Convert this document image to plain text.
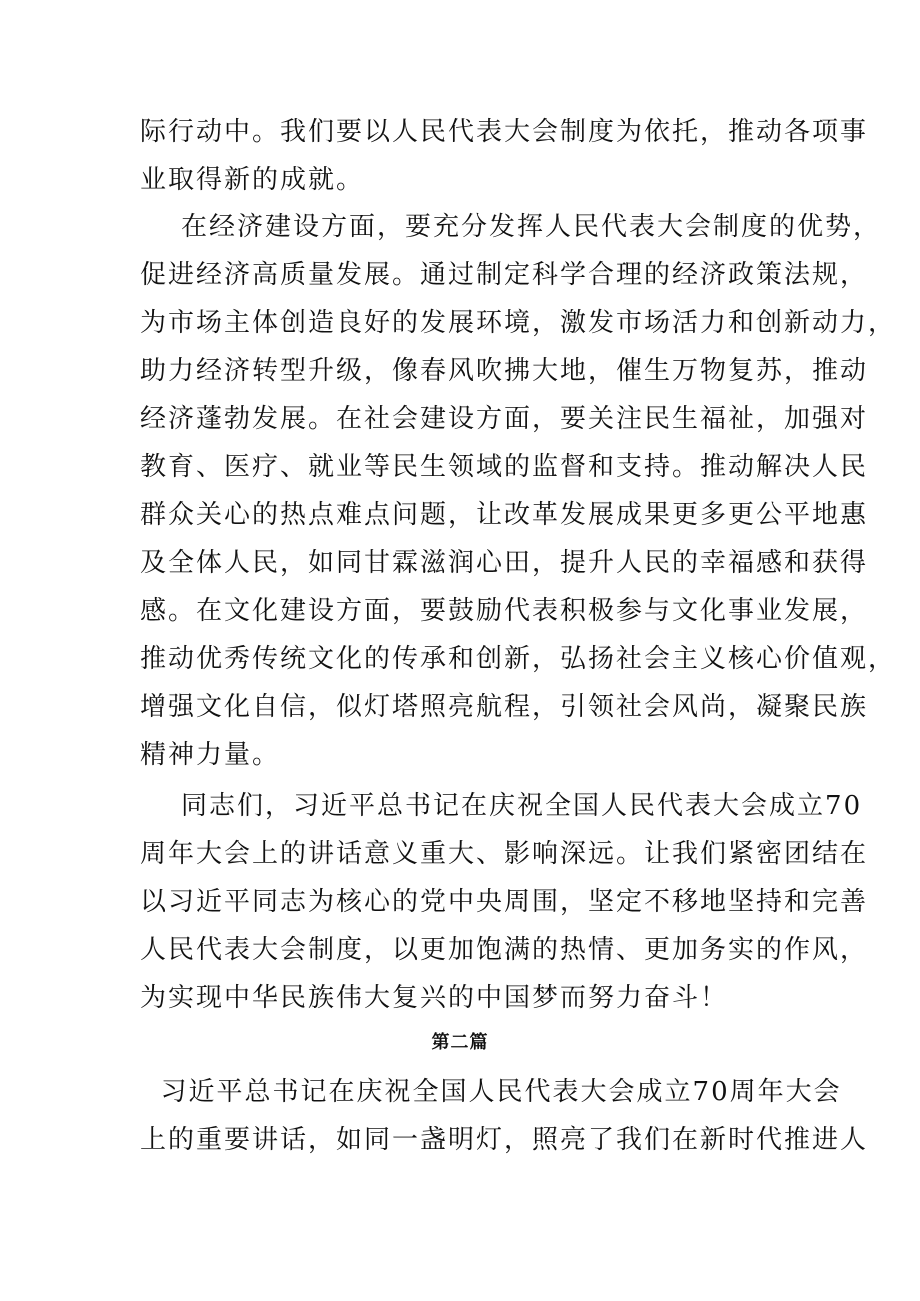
际行动中。我们要以人民代表大会制度为依托，推动各项事
业取得新的成就。

在经济建设方面，要充分发挥人民代表大会制度的优势，
促进经济高质量发展。通过制定科学合理的经济政策法规，
为市场主体创造良好的发展环境，激发市场活力和创新动力，
助力经济转型升级，像春风吹拂大地，催生万物复苏，推动
经济蓬勃发展。在社会建设方面，要关注民生福祉，加强对
教育、医疗、就业等民生领域的监督和支持。推动解决人民
群众关心的热点难点问题，让改革发展成果更多更公平地惠
及全体人民，如同甘霖滋润心田，提升人民的幸福感和获得
感。在文化建设方面，要鼓励代表积极参与文化事业发展，
推动优秀传统文化的传承和创新，弘扬社会主义核心价值观，
增强文化自信，似灯塔照亮航程，引领社会风尚，凝聚民族
精神力量。

同志们，习近平总书记在庆祝全国人民代表大会成立70
周年大会上的讲话意义重大、影响深远。让我们紧密团结在
以习近平同志为核心的党中央周围，坚定不移地坚持和完善
人民代表大会制度，以更加饱满的热情、更加务实的作风，
为实现中华民族伟大复兴的中国梦而努力奋斗！

第二篇

习近平总书记在庆祝全国人民代表大会成立70周年大会
上的重要讲话，如同一盏明灯，照亮了我们在新时代推进人
